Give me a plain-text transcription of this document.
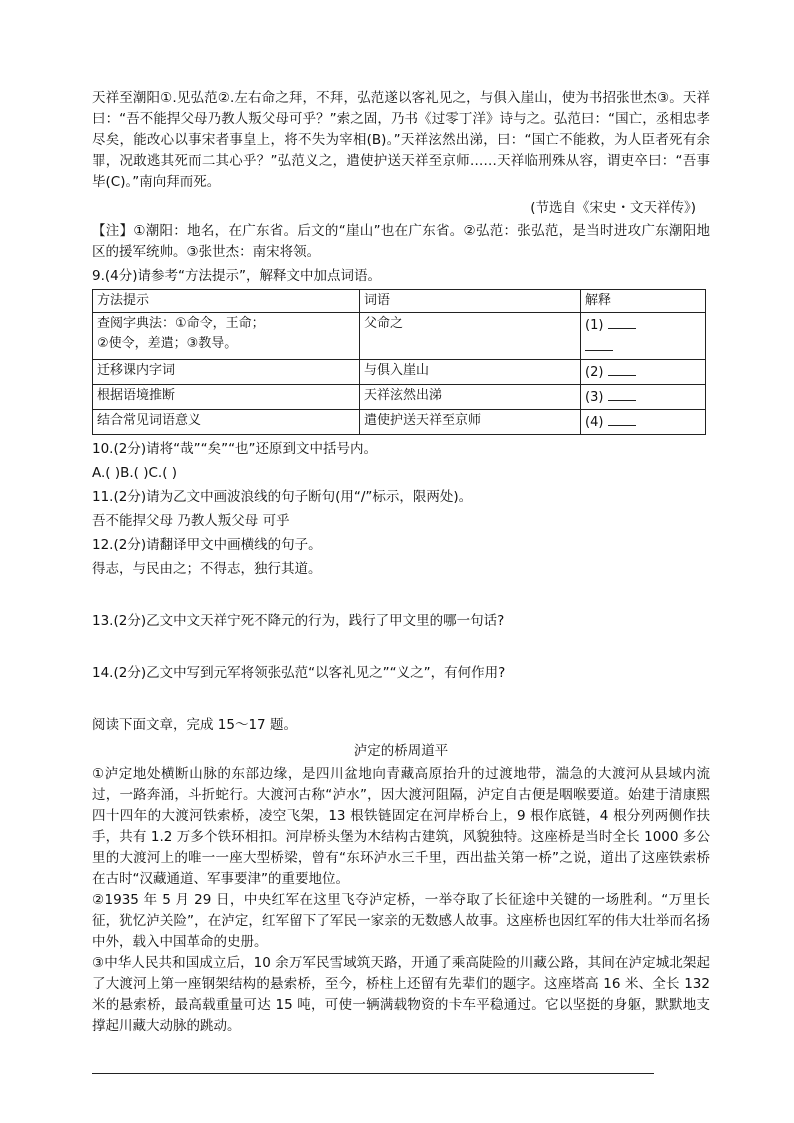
天祥至潮阳①.见弘范②.左右命之拜，不拜，弘范遂以客礼见之，与俱入崖山，使为书招张世杰③。天祥曰：“吾不能捍父母乃教人叛父母可乎？”索之固，乃书《过零丁洋》诗与之。弘范曰：“国亡，丞相忠孝尽矣，能改心以事宋者事皇上，将不失为宰相(B)。”天祥泫然出涕，曰：“国亡不能救，为人臣者死有余罪，况敢逃其死而二其心乎？”弘范义之，遣使护送天祥至京师……天祥临刑殊从容，谓吏卒曰：“吾事毕(C)。”南向拜而死。

(节选自《宋史・文天祥传》)

【注】①潮阳：地名，在广东省。后文的“崖山”也在广东省。②弘范：张弘范，是当时进攻广东潮阳地区的援军统帅。③张世杰：南宋将领。

9.(4分)请参考“方法提示”，解释文中加点词语。
方法提示	词语	解释

查阅字典法：①命令，王命；
②使令，差遣；③教导。	父命之	(1)

迁移课内字词	与俱入崖山	(2)
根据语境推断	天祥泫然出涕	(3)
结合常见词语意义	遣使护送天祥至京师	(4)
10.(2分)请将“哉”“矣”“也”还原到文中括号内。
A.( )B.( )C.( )
11.(2分)请为乙文中画波浪线的句子断句(用“/”标示，限两处)。
吾不能捍父母 乃教人叛父母 可乎
12.(2分)请翻译甲文中画横线的句子。
得志，与民由之；不得志，独行其道。
13.(2分)乙文中文天祥宁死不降元的行为，践行了甲文里的哪一句话?
14.(2分)乙文中写到元军将领张弘范“以客礼见之”“义之”，有何作用?
阅读下面文章，完成 15～17 题。
泸定的桥周道平

①泸定地处横断山脉的东部边缘，是四川盆地向青藏高原抬升的过渡地带，湍急的大渡河从县域内流过，一路奔涌，斗折蛇行。大渡河古称“泸水”，因大渡河阻隔，泸定自古便是咽喉要道。始建于清康熙四十四年的大渡河铁索桥，凌空飞架，13 根铁链固定在河岸桥台上，9 根作底链，4 根分列两侧作扶手，共有 1.2 万多个铁环相扣。河岸桥头堡为木结构古建筑，风貌独特。这座桥是当时全长 1000 多公里的大渡河上的唯一一座大型桥梁，曾有“东环泸水三千里，西出盐关第一桥”之说，道出了这座铁索桥在古时“汉藏通道、军事要津”的重要地位。

②1935 年 5 月 29 日，中央红军在这里飞夺泸定桥，一举夺取了长征途中关键的一场胜利。“万里长征，犹忆泸关险”，在泸定，红军留下了军民一家亲的无数感人故事。这座桥也因红军的伟大壮举而名扬中外，载入中国革命的史册。

③中华人民共和国成立后，10 余万军民雪域筑天路，开通了乘高陡险的川藏公路，其间在泸定城北架起了大渡河上第一座钢架结构的悬索桥，至今，桥柱上还留有先辈们的题字。这座塔高 16 米、全长 132 米的悬索桥，最高载重量可达 15 吨，可使一辆满载物资的卡车平稳通过。它以坚挺的身躯，默默地支撑起川藏大动脉的跳动。
